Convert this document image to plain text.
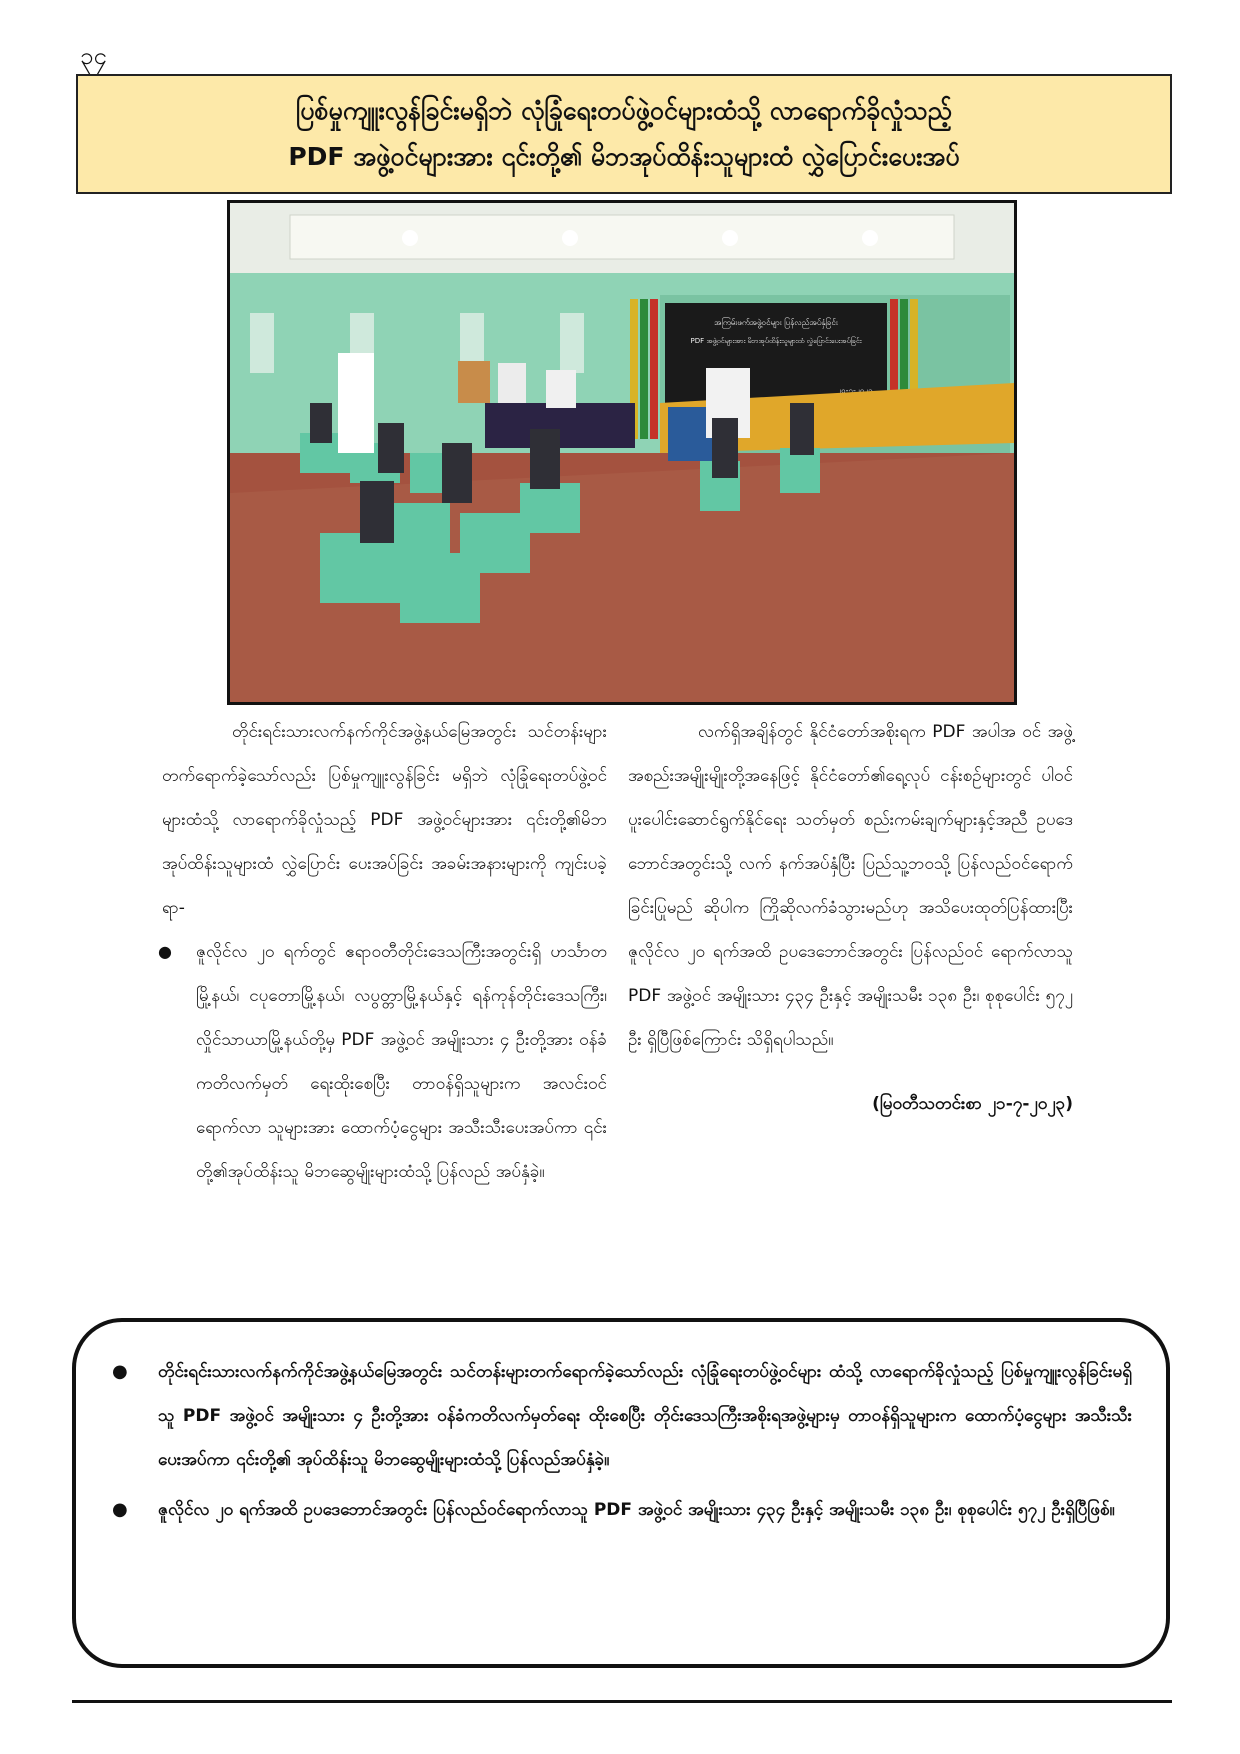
၃၄
ပြစ်မှုကျူးလွန်ခြင်းမရှိဘဲ လုံခြုံရေးတပ်ဖွဲ့ဝင်များထံသို့ လာရောက်ခိုလှုံသည့်
PDF အဖွဲ့ဝင်များအား ၎င်းတို့၏ မိဘအုပ်ထိန်းသူများထံ လွှဲပြောင်းပေးအပ်
အကြမ်းဖက်အဖွဲ့ဝင်များ ပြန်လည်အပ်နှံခြင်း
PDF အဖွဲ့ဝင်များအား မိဘအုပ်ထိန်းသူများထံ လွှဲပြောင်းပေးအပ်ခြင်း
၂၀-၇-၂၀၂၃

တိုင်းရင်းသားလက်နက်ကိုင်အဖွဲ့နယ်မြေအတွင်း သင်တန်းများ တက်ရောက်ခဲ့သော်လည်း ပြစ်မှုကျူးလွန်ခြင်း မရှိဘဲ လုံခြုံရေးတပ်ဖွဲ့ဝင်များထံသို့ လာရောက်ခိုလှုံသည့် PDF အဖွဲ့ဝင်များအား ၎င်းတို့၏မိဘအုပ်ထိန်းသူများထံ လွှဲပြောင်း ပေးအပ်ခြင်း အခမ်းအနားများကို ကျင်းပခဲ့ရာ-

● ဇူလိုင်လ ၂၀ ရက်တွင် ဧရာဝတီတိုင်းဒေသကြီးအတွင်းရှိ ဟင်္သာတမြို့နယ်၊ ငပုတောမြို့နယ်၊ လပွတ္တာမြို့နယ်နှင့် ရန်ကုန်တိုင်းဒေသကြီး၊ လှိုင်သာယာမြို့နယ်တို့မှ PDF အဖွဲ့ဝင် အမျိုးသား ၄ ဦးတို့အား ဝန်ခံကတိလက်မှတ် ရေးထိုးစေပြီး တာဝန်ရှိသူများက အလင်းဝင်ရောက်လာ သူများအား ထောက်ပံ့ငွေများ အသီးသီးပေးအပ်ကာ ၎င်း တို့၏အုပ်ထိန်းသူ မိဘဆွေမျိုးများထံသို့ ပြန်လည် အပ်နှံခဲ့။

လက်ရှိအချိန်တွင် နိုင်ငံတော်အစိုးရက PDF အပါအ ဝင် အဖွဲ့အစည်းအမျိုးမျိုးတို့အနေဖြင့် နိုင်ငံတော်၏ရေ့လုပ် ငန်းစဉ်များတွင် ပါဝင်ပူးပေါင်းဆောင်ရွက်နိုင်ရေး သတ်မှတ် စည်းကမ်းချက်များနှင့်အညီ ဥပဒေဘောင်အတွင်းသို့ လက် နက်အပ်နှံပြီး ပြည်သူ့ဘဝသို့ ပြန်လည်ဝင်ရောက်ခြင်းပြုမည် ဆိုပါက ကြိုဆိုလက်ခံသွားမည်ဟု အသိပေးထုတ်ပြန်ထားပြီး ဇူလိုင်လ ၂၀ ရက်အထိ ဥပဒေဘောင်အတွင်း ပြန်လည်ဝင် ရောက်လာသူ PDF အဖွဲ့ဝင် အမျိုးသား ၄၃၄ ဦးနှင့် အမျိုးသမီး ၁၃၈ ဦး၊ စုစုပေါင်း ၅၇၂ ဦး ရှိပြီဖြစ်ကြောင်း သိရှိရပါသည်။

(မြဝတီသတင်းစာ ၂၁-၇-၂၀၂၃)

● တိုင်းရင်းသားလက်နက်ကိုင်အဖွဲ့နယ်မြေအတွင်း သင်တန်းများတက်ရောက်ခဲ့သော်လည်း လုံခြုံရေးတပ်ဖွဲ့ဝင်များ ထံသို့ လာရောက်ခိုလှုံသည့် ပြစ်မှုကျူးလွန်ခြင်းမရှိသူ PDF အဖွဲ့ဝင် အမျိုးသား ၄ ဦးတို့အား ဝန်ခံကတိလက်မှတ်ရေး ထိုးစေပြီး တိုင်းဒေသကြီးအစိုးရအဖွဲ့များမှ တာဝန်ရှိသူများက ထောက်ပံ့ငွေများ အသီးသီးပေးအပ်ကာ ၎င်းတို့၏ အုပ်ထိန်းသူ မိဘဆွေမျိုးများထံသို့ ပြန်လည်အပ်နှံခဲ့။
● ဇူလိုင်လ ၂၀ ရက်အထိ ဥပဒေဘောင်အတွင်း ပြန်လည်ဝင်ရောက်လာသူ PDF အဖွဲ့ဝင် အမျိုးသား ၄၃၄ ဦးနှင့် အမျိုးသမီး ၁၃၈ ဦး၊ စုစုပေါင်း ၅၇၂ ဦးရှိပြီဖြစ်။
